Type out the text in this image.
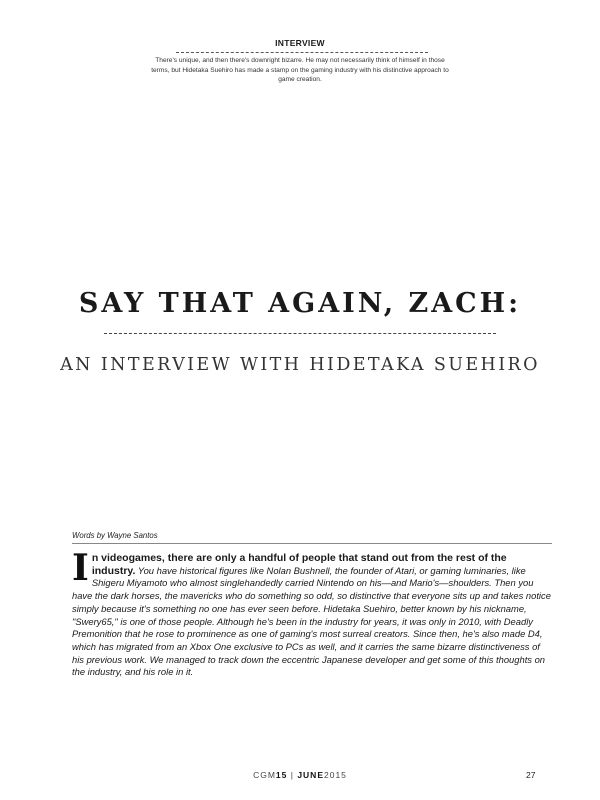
INTERVIEW
There's unique, and then there's downright bizarre. He may not necessarily think of himself in those terms, but Hidetaka Suehiro has made a stamp on the gaming industry with his distinctive approach to game creation.
SAY THAT AGAIN, ZACH:
AN INTERVIEW WITH HIDETAKA SUEHIRO
Words by Wayne Santos
In videogames, there are only a handful of people that stand out from the rest of the industry. You have historical figures like Nolan Bushnell, the founder of Atari, or gaming luminaries, like Shigeru Miyamoto who almost singlehandedly carried Nintendo on his—and Mario's—shoulders. Then you have the dark horses, the mavericks who do something so odd, so distinctive that everyone sits up and takes notice simply because it's something no one has ever seen before. Hidetaka Suehiro, better known by his nickname, "Swery65," is one of those people. Although he's been in the industry for years, it was only in 2010, with Deadly Premonition that he rose to prominence as one of gaming's most surreal creators. Since then, he's also made D4, which has migrated from an Xbox One exclusive to PCs as well, and it carries the same bizarre distinctiveness of his previous work. We managed to track down the eccentric Japanese developer and get some of this thoughts on the industry, and his role in it.
CGM15 | JUNE2015	27
